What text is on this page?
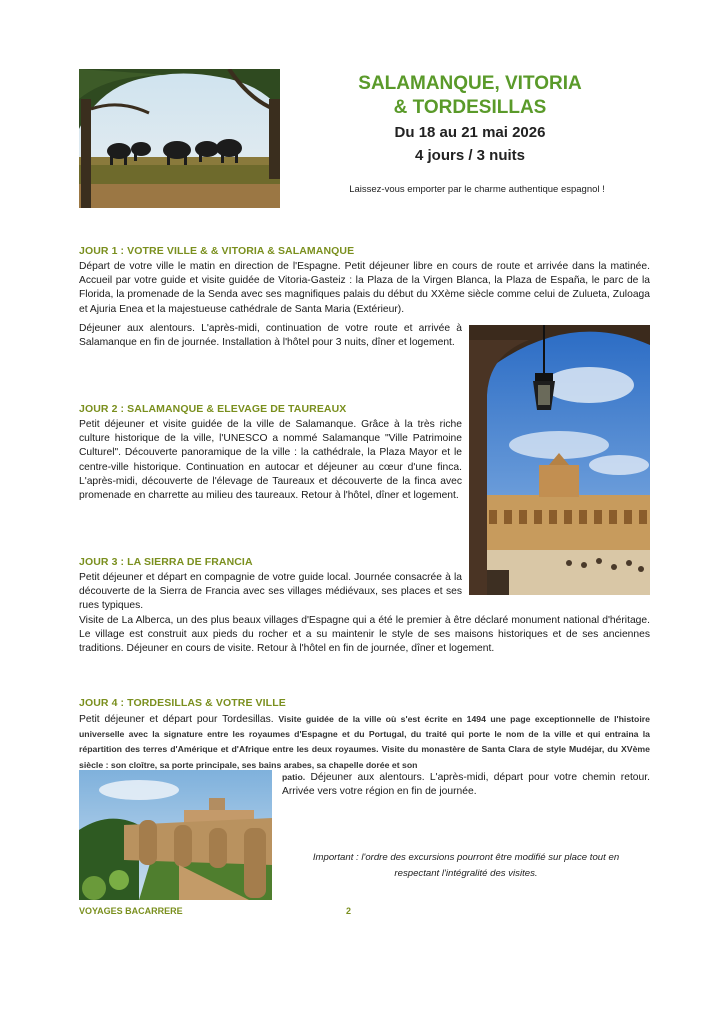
SALAMANQUE, VITORIA
& TORDESILLAS
Du 18 au 21 mai 2026
4 jours / 3 nuits
Laissez-vous emporter par le charme authentique espagnol !
JOUR 1 : VOTRE VILLE & & VITORIA & SALAMANQUE
Départ de votre ville le matin en direction de l'Espagne. Petit déjeuner libre en cours de route et arrivée dans la matinée. Accueil par votre guide et visite guidée de Vitoria-Gasteiz : la Plaza de la Virgen Blanca, la Plaza de España, le parc de la Florida, la promenade de la Senda avec ses magnifiques palais du début du XXème siècle comme celui de Zulueta, Zuloaga et Ajuria Enea et la majestueuse cathédrale de Santa Maria (Extérieur).
Déjeuner aux alentours. L'après-midi, continuation de votre route et arrivée à Salamanque en fin de journée. Installation à l'hôtel pour 3 nuits, dîner et logement.
JOUR 2 : SALAMANQUE & ELEVAGE DE TAUREAUX
Petit déjeuner et visite guidée de la ville de Salamanque. Grâce à la très riche culture historique de la ville, l'UNESCO a nommé Salamanque "Ville Patrimoine Culturel". Découverte panoramique de la ville : la cathédrale, la Plaza Mayor et le centre-ville historique. Continuation en autocar et déjeuner au cœur d'une finca. L'après-midi, découverte de l'élevage de Taureaux et découverte de la finca avec promenade en charrette au milieu des taureaux. Retour à l'hôtel, dîner et logement.
JOUR 3 : LA SIERRA DE FRANCIA
Petit déjeuner et départ en compagnie de votre guide local. Journée consacrée à la découverte de la Sierra de Francia avec ses villages médiévaux, ses places et ses rues typiques.
Visite de La Alberca, un des plus beaux villages d'Espagne qui a été le premier à être déclaré monument national d'héritage. Le village est construit aux pieds du rocher et a su maintenir le style de ses maisons historiques et de ses anciennes traditions. Déjeuner en cours de visite. Retour à l'hôtel en fin de journée, dîner et logement.
JOUR 4 : TORDESILLAS & VOTRE VILLE
Petit déjeuner et départ pour Tordesillas. Visite guidée de la ville où s'est écrite en 1494 une page exceptionnelle de l'histoire universelle avec la signature entre les royaumes d'Espagne et du Portugal, du traité qui porte le nom de la ville et qui entraina la répartition des terres d'Amérique et d'Afrique entre les deux royaumes. Visite du monastère de Santa Clara de style Mudéjar, du XVème siècle : son cloître, sa porte principale, ses bains arabes, sa chapelle dorée et son
patio. Déjeuner aux alentours. L'après-midi, départ pour votre chemin retour. Arrivée vers votre région en fin de journée.
Important : l'ordre des excursions pourront être modifié sur place tout en
respectant l'intégralité des visites.
VOYAGES BACARRERE	2
